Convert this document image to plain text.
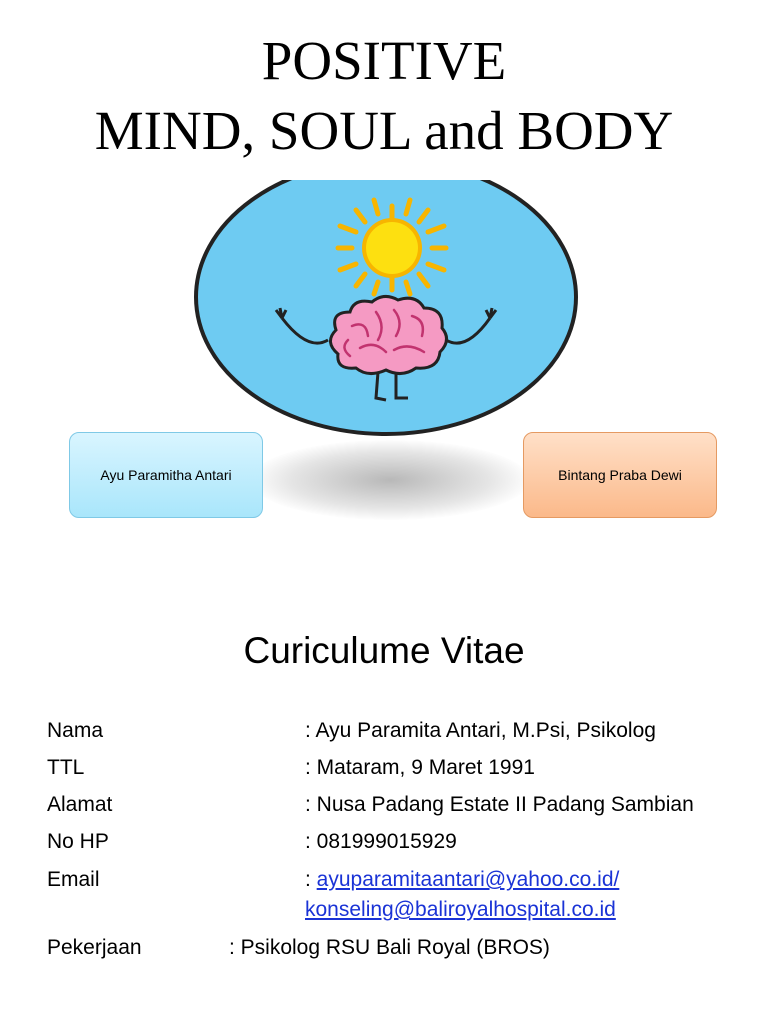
POSITIVE
MIND, SOUL and BODY
Ayu Paramitha Antari	Bintang Praba Dewi
Curiculume Vitae
Nama	: Ayu Paramita Antari, M.Psi, Psikolog
TTL	: Mataram, 9 Maret 1991
Alamat	: Nusa Padang Estate II Padang Sambian
No HP	: 081999015929
Email	: ayuparamitaantari@yahoo.co.id/
konseling@baliroyalhospital.co.id
Pekerjaan	: Psikolog RSU Bali Royal (BROS)
